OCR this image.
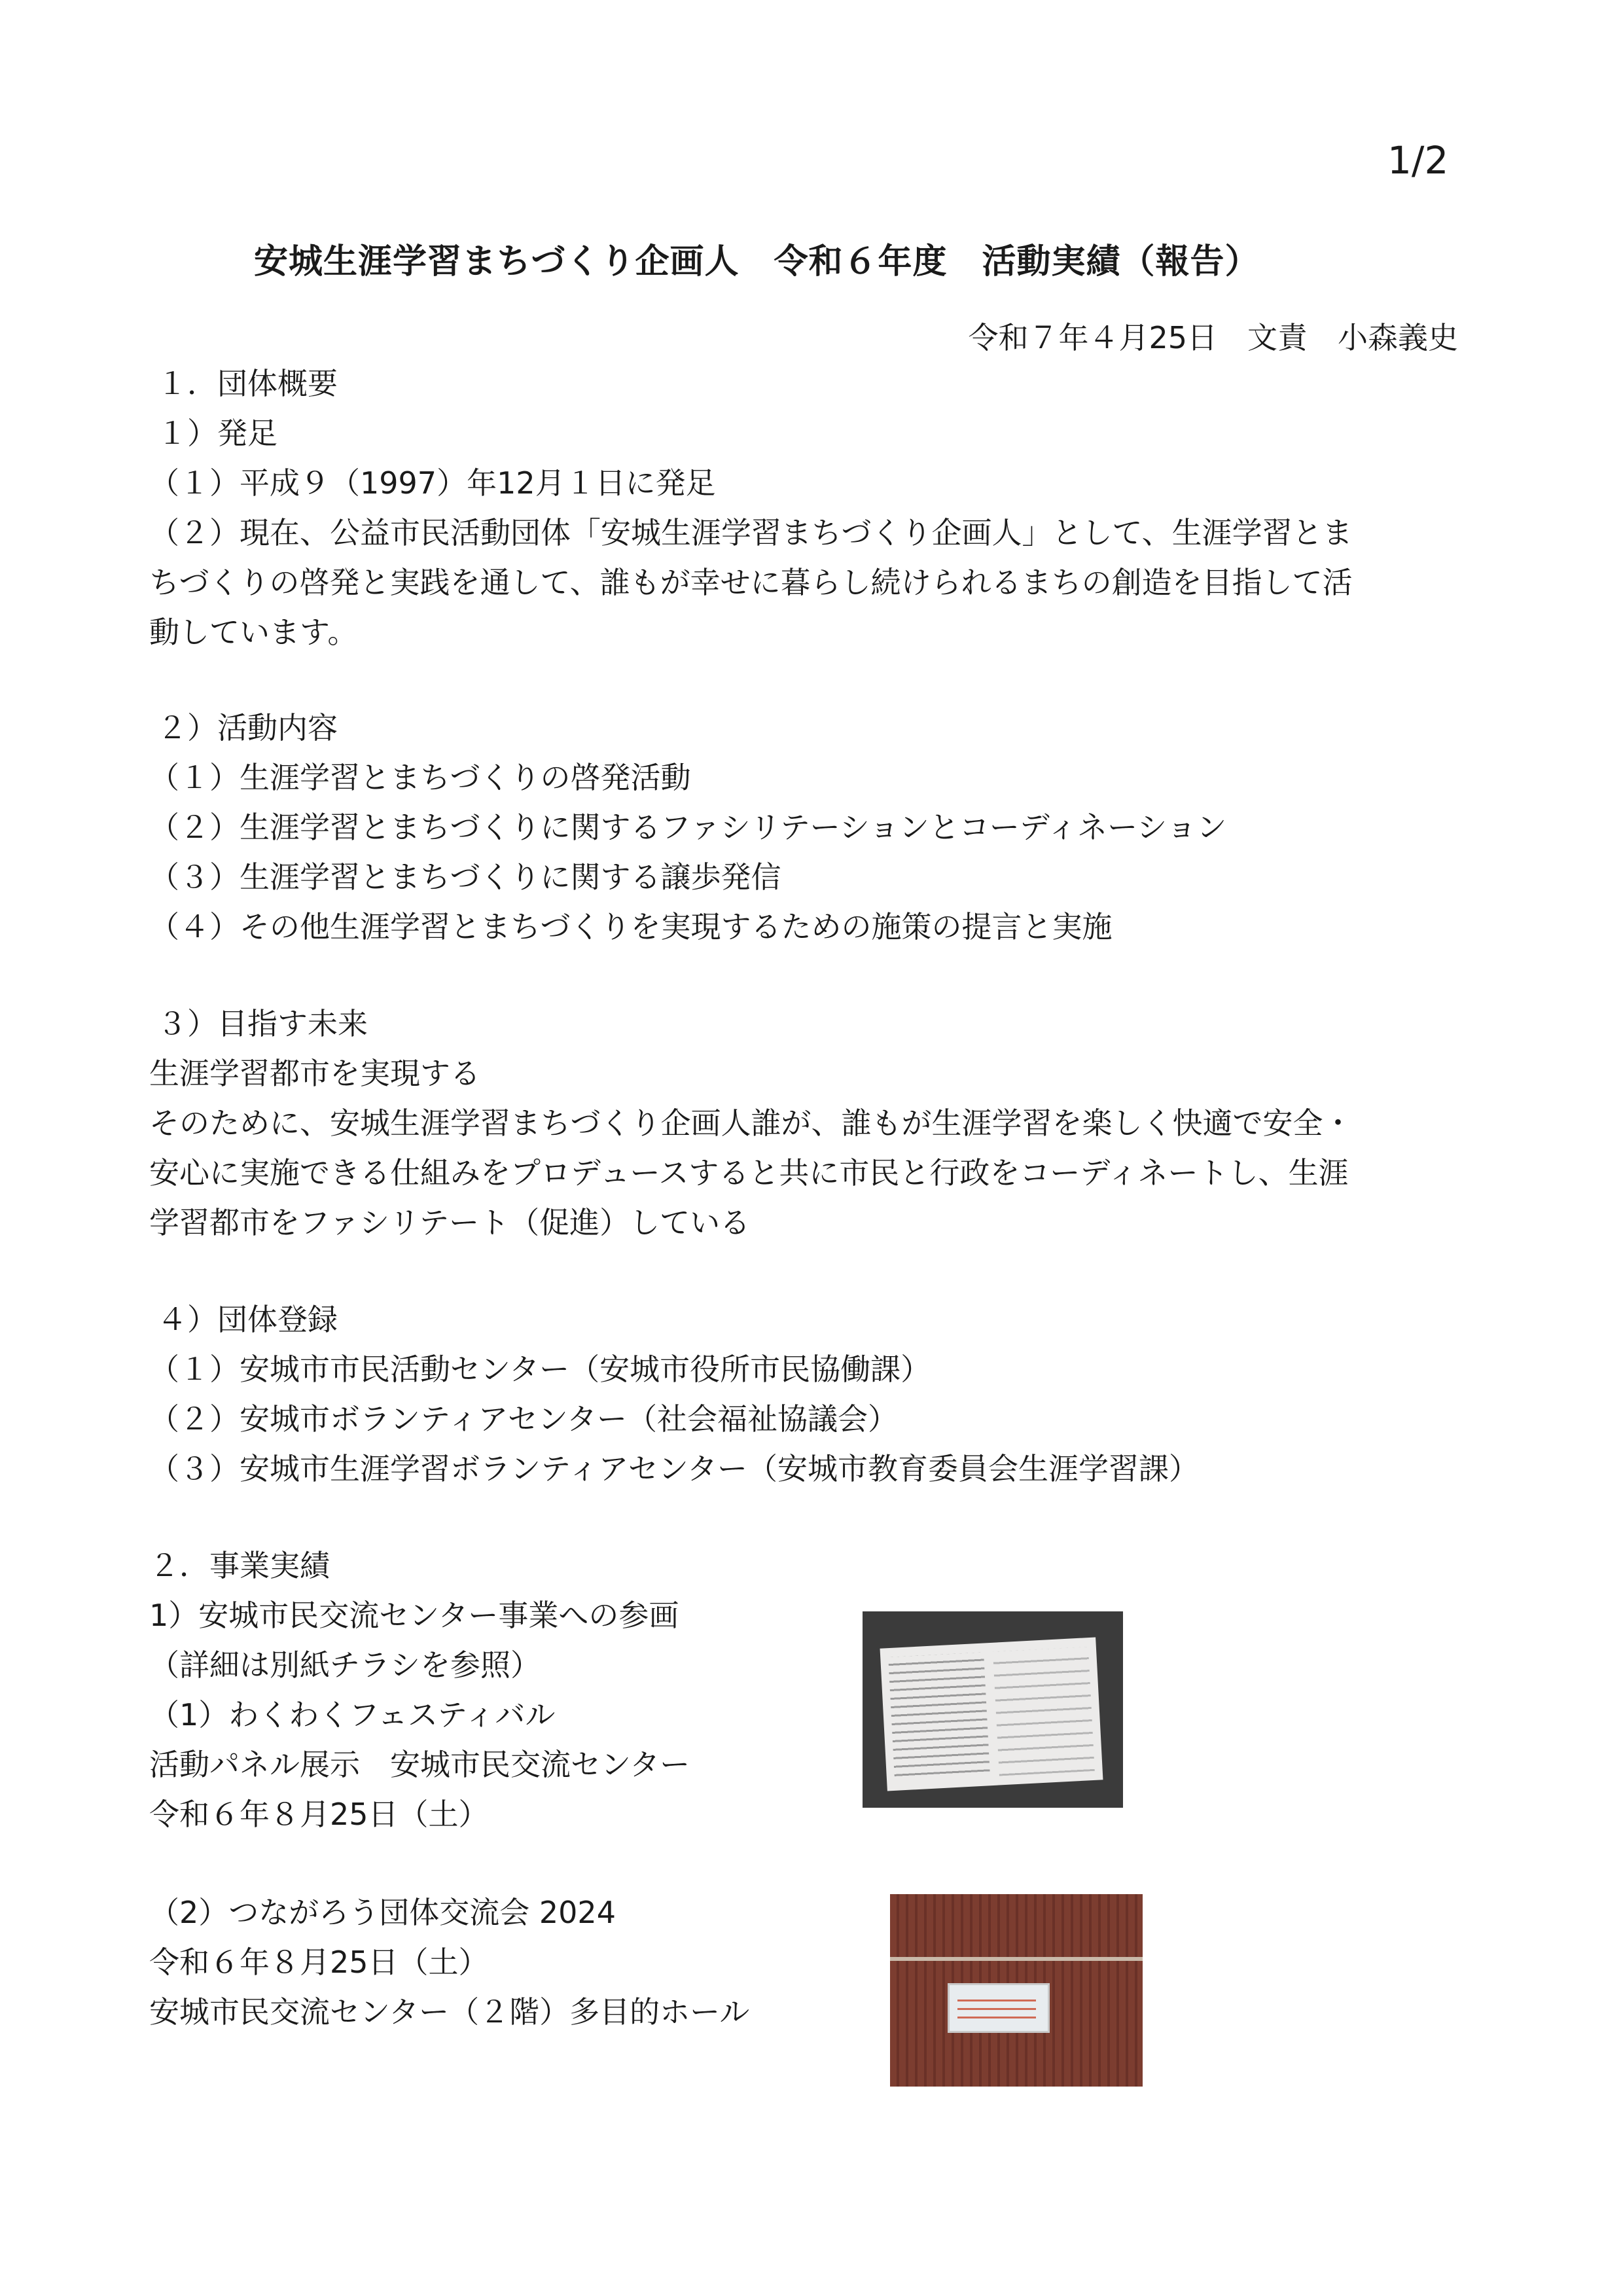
1/2

安城生涯学習まちづくり企画人　令和６年度　活動実績（報告）

令和７年４月25日　文責　小森義史

１．団体概要

１）発足

（１）平成９（1997）年12月１日に発足

（２）現在、公益市民活動団体「安城生涯学習まちづくり企画人」として、生涯学習とま

ちづくりの啓発と実践を通して、誰もが幸せに暮らし続けられるまちの創造を目指して活

動しています。

２）活動内容

（１）生涯学習とまちづくりの啓発活動

（２）生涯学習とまちづくりに関するファシリテーションとコーディネーション

（３）生涯学習とまちづくりに関する譲歩発信

（４）その他生涯学習とまちづくりを実現するための施策の提言と実施

３）目指す未来

生涯学習都市を実現する

そのために、安城生涯学習まちづくり企画人誰が、誰もが生涯学習を楽しく快適で安全・

安心に実施できる仕組みをプロデュースすると共に市民と行政をコーディネートし、生涯

学習都市をファシリテート（促進）している

４）団体登録

（１）安城市市民活動センター（安城市役所市民協働課）

（２）安城市ボランティアセンター（社会福祉協議会）

（３）安城市生涯学習ボランティアセンター（安城市教育委員会生涯学習課）

２．事業実績

1）安城市民交流センター事業への参画

（詳細は別紙チラシを参照）

（1）わくわくフェスティバル

活動パネル展示　安城市民交流センター

令和６年８月25日（土）

（2）つながろう団体交流会 2024

令和６年８月25日（土）

安城市民交流センター（２階）多目的ホール
